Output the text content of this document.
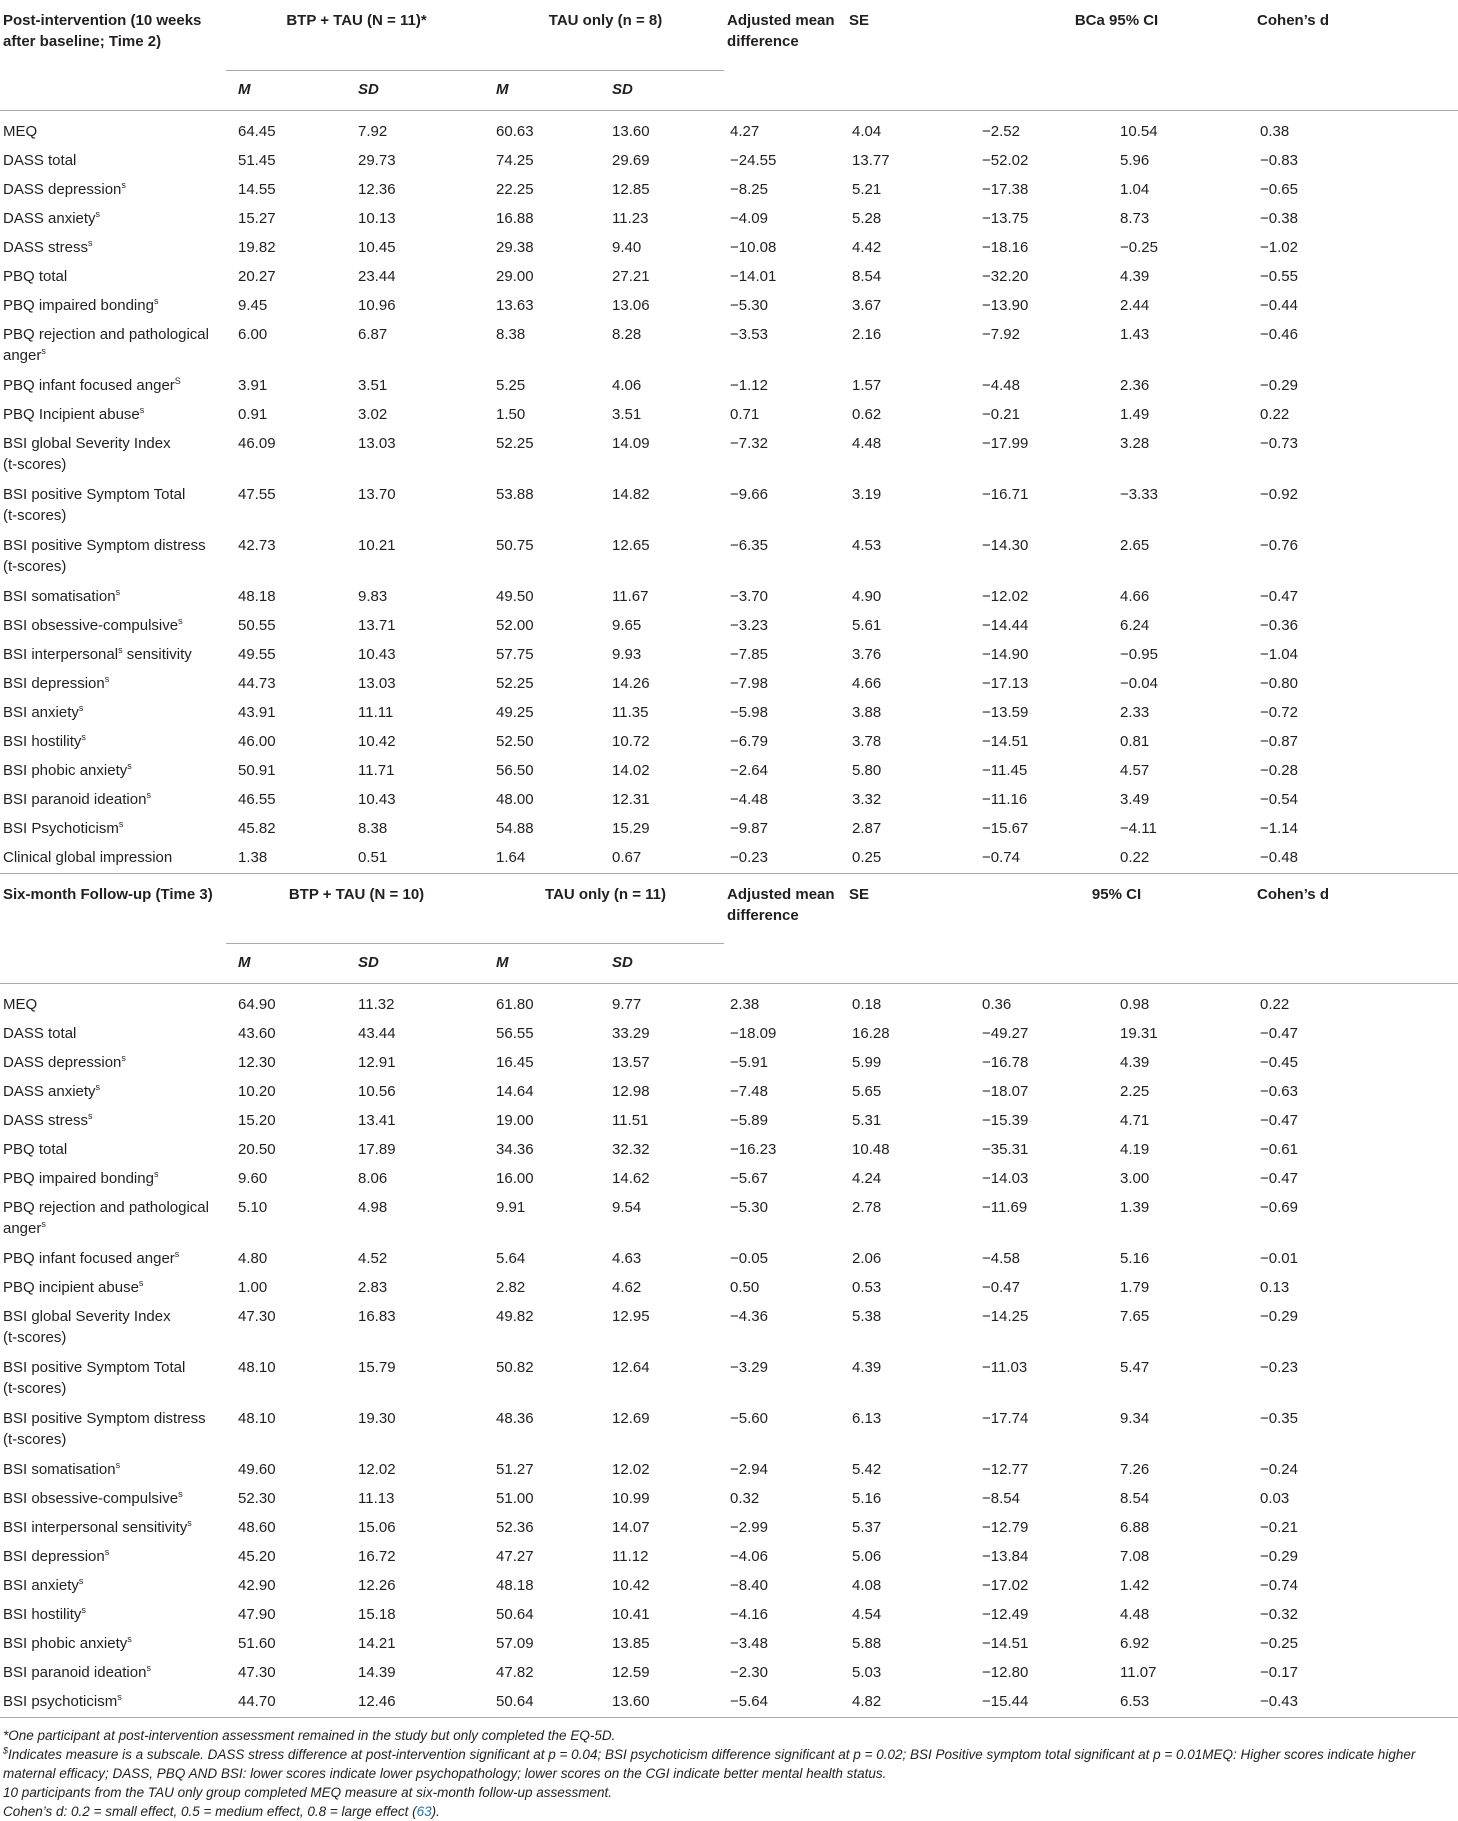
Post-intervention (10 weeks after baseline; Time 2)	BTP + TAU (N = 11)*		TAU only (n = 8)		Adjusted mean difference	SE	BCa 95% CI		Cohen’s d
	M	SD	M	SD					
MEQ	64.45	7.92	60.63	13.60	4.27	4.04	−2.52	10.54	0.38
DASS total	51.45	29.73	74.25	29.69	−24.55	13.77	−52.02	5.96	−0.83
DASS depression$^s$	14.55	12.36	22.25	12.85	−8.25	5.21	−17.38	1.04	−0.65
DASS anxiety$^s$	15.27	10.13	16.88	11.23	−4.09	5.28	−13.75	8.73	−0.38
DASS stress$^s$	19.82	10.45	29.38	9.40	−10.08	4.42	−18.16	−0.25	−1.02
PBQ total	20.27	23.44	29.00	27.21	−14.01	8.54	−32.20	4.39	−0.55
PBQ impaired bonding$^s$	9.45	10.96	13.63	13.06	−5.30	3.67	−13.90	2.44	−0.44
PBQ rejection and pathological
anger$^s$	6.00	6.87	8.38	8.28	−3.53	2.16	−7.92	1.43	−0.46
PBQ infant focused anger$^S$	3.91	3.51	5.25	4.06	−1.12	1.57	−4.48	2.36	−0.29
PBQ Incipient abuse$^s$	0.91	3.02	1.50	3.51	0.71	0.62	−0.21	1.49	0.22
BSI global Severity Index
(t-scores)	46.09	13.03	52.25	14.09	−7.32	4.48	−17.99	3.28	−0.73
BSI positive Symptom Total
(t-scores)	47.55	13.70	53.88	14.82	−9.66	3.19	−16.71	−3.33	−0.92
BSI positive Symptom distress
(t-scores)	42.73	10.21	50.75	12.65	−6.35	4.53	−14.30	2.65	−0.76
BSI somatisation$^s$	48.18	9.83	49.50	11.67	−3.70	4.90	−12.02	4.66	−0.47
BSI obsessive-compulsive$^s$	50.55	13.71	52.00	9.65	−3.23	5.61	−14.44	6.24	−0.36
BSI interpersonal$^s$ sensitivity	49.55	10.43	57.75	9.93	−7.85	3.76	−14.90	−0.95	−1.04
BSI depression$^s$	44.73	13.03	52.25	14.26	−7.98	4.66	−17.13	−0.04	−0.80
BSI anxiety$^s$	43.91	11.11	49.25	11.35	−5.98	3.88	−13.59	2.33	−0.72
BSI hostility$^s$	46.00	10.42	52.50	10.72	−6.79	3.78	−14.51	0.81	−0.87
BSI phobic anxiety$^s$	50.91	11.71	56.50	14.02	−2.64	5.80	−11.45	4.57	−0.28
BSI paranoid ideation$^s$	46.55	10.43	48.00	12.31	−4.48	3.32	−11.16	3.49	−0.54
BSI Psychoticism$^s$	45.82	8.38	54.88	15.29	−9.87	2.87	−15.67	−4.11	−1.14
Clinical global impression	1.38	0.51	1.64	0.67	−0.23	0.25	−0.74	0.22	−0.48
Six-month Follow-up (Time 3)	BTP + TAU (N = 10)		TAU only (n = 11)		Adjusted mean difference	SE	95% CI		Cohen’s d
	M	SD	M	SD					
MEQ	64.90	11.32	61.80	9.77	2.38	0.18	0.36	0.98	0.22
DASS total	43.60	43.44	56.55	33.29	−18.09	16.28	−49.27	19.31	−0.47
DASS depression$^s$	12.30	12.91	16.45	13.57	−5.91	5.99	−16.78	4.39	−0.45
DASS anxiety$^s$	10.20	10.56	14.64	12.98	−7.48	5.65	−18.07	2.25	−0.63
DASS stress$^s$	15.20	13.41	19.00	11.51	−5.89	5.31	−15.39	4.71	−0.47
PBQ total	20.50	17.89	34.36	32.32	−16.23	10.48	−35.31	4.19	−0.61
PBQ impaired bonding$^s$	9.60	8.06	16.00	14.62	−5.67	4.24	−14.03	3.00	−0.47
PBQ rejection and pathological
anger$^s$	5.10	4.98	9.91	9.54	−5.30	2.78	−11.69	1.39	−0.69
PBQ infant focused anger$^s$	4.80	4.52	5.64	4.63	−0.05	2.06	−4.58	5.16	−0.01
PBQ incipient abuse$^s$	1.00	2.83	2.82	4.62	0.50	0.53	−0.47	1.79	0.13
BSI global Severity Index
(t-scores)	47.30	16.83	49.82	12.95	−4.36	5.38	−14.25	7.65	−0.29
BSI positive Symptom Total
(t-scores)	48.10	15.79	50.82	12.64	−3.29	4.39	−11.03	5.47	−0.23
BSI positive Symptom distress
(t-scores)	48.10	19.30	48.36	12.69	−5.60	6.13	−17.74	9.34	−0.35
BSI somatisation$^s$	49.60	12.02	51.27	12.02	−2.94	5.42	−12.77	7.26	−0.24
BSI obsessive-compulsive$^s$	52.30	11.13	51.00	10.99	0.32	5.16	−8.54	8.54	0.03
BSI interpersonal sensitivity$^s$	48.60	15.06	52.36	14.07	−2.99	5.37	−12.79	6.88	−0.21
BSI depression$^s$	45.20	16.72	47.27	11.12	−4.06	5.06	−13.84	7.08	−0.29
BSI anxiety$^s$	42.90	12.26	48.18	10.42	−8.40	4.08	−17.02	1.42	−0.74
BSI hostility$^s$	47.90	15.18	50.64	10.41	−4.16	4.54	−12.49	4.48	−0.32
BSI phobic anxiety$^s$	51.60	14.21	57.09	13.85	−3.48	5.88	−14.51	6.92	−0.25
BSI paranoid ideation$^s$	47.30	14.39	47.82	12.59	−2.30	5.03	−12.80	11.07	−0.17
BSI psychoticism$^s$	44.70	12.46	50.64	13.60	−5.64	4.82	−15.44	6.53	−0.43

*One participant at post-intervention assessment remained in the study but only completed the EQ-5D.
$Indicates measure is a subscale. DASS stress difference at post-intervention significant at p = 0.04; BSI psychoticism difference significant at p = 0.02; BSI Positive symptom total significant at p = 0.01MEQ: Higher scores indicate higher maternal efficacy; DASS, PBQ AND BSI: lower scores indicate lower psychopathology; lower scores on the CGI indicate better mental health status.
10 participants from the TAU only group completed MEQ measure at six-month follow-up assessment.
Cohen’s d: 0.2 = small effect, 0.5 = medium effect, 0.8 = large effect (63).
